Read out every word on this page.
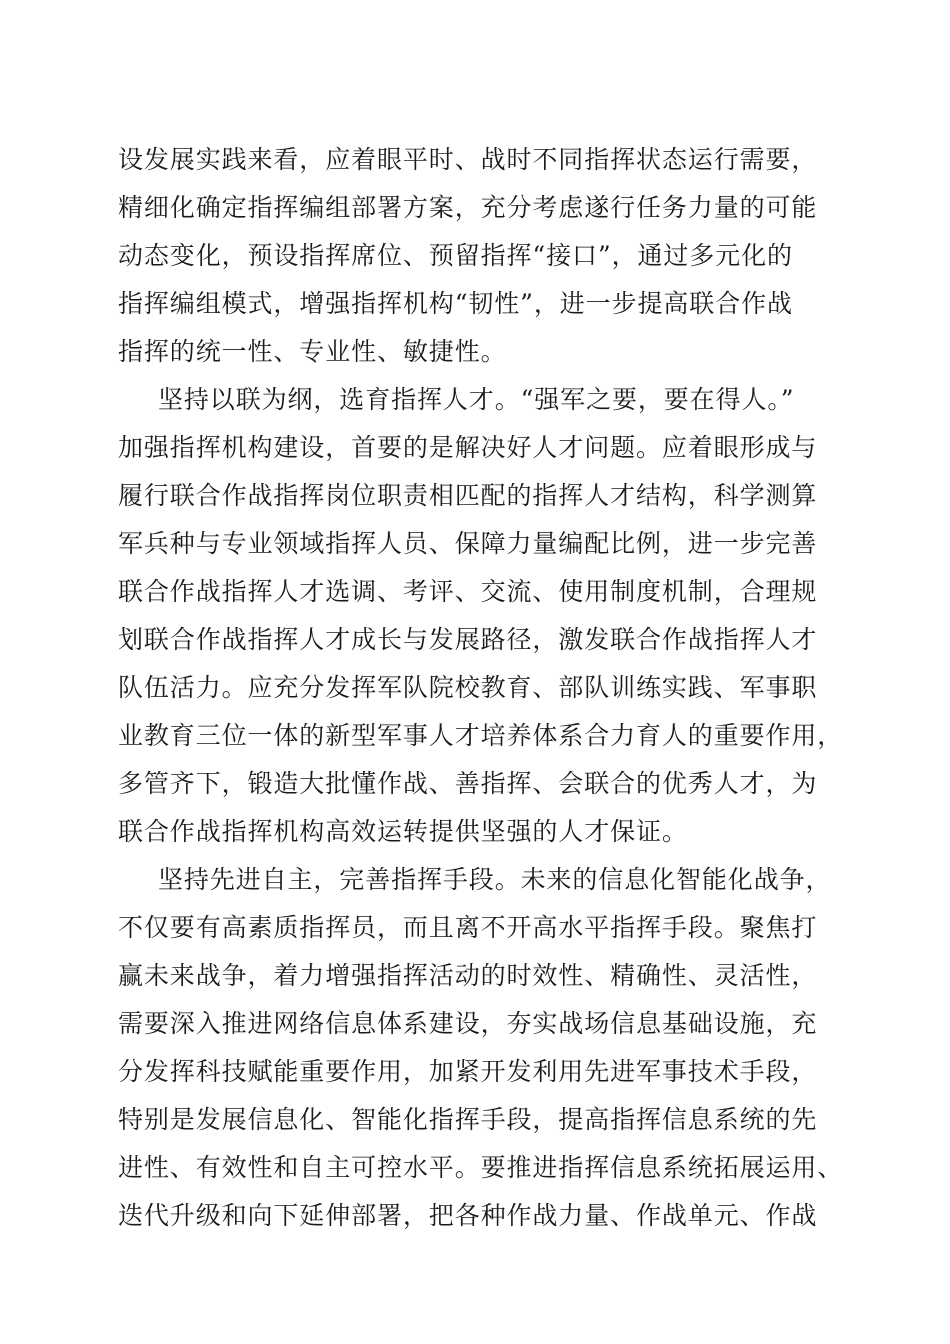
设发展实践来看，应着眼平时、战时不同指挥状态运行需要，
精细化确定指挥编组部署方案，充分考虑遂行任务力量的可能
动态变化，预设指挥席位、预留指挥“接口”，通过多元化的
指挥编组模式，增强指挥机构“韧性”，进一步提高联合作战
指挥的统一性、专业性、敏捷性。
坚持以联为纲，选育指挥人才。“强军之要，要在得人。”
加强指挥机构建设，首要的是解决好人才问题。应着眼形成与
履行联合作战指挥岗位职责相匹配的指挥人才结构，科学测算
军兵种与专业领域指挥人员、保障力量编配比例，进一步完善
联合作战指挥人才选调、考评、交流、使用制度机制，合理规
划联合作战指挥人才成长与发展路径，激发联合作战指挥人才
队伍活力。应充分发挥军队院校教育、部队训练实践、军事职
业教育三位一体的新型军事人才培养体系合力育人的重要作用，
多管齐下，锻造大批懂作战、善指挥、会联合的优秀人才，为
联合作战指挥机构高效运转提供坚强的人才保证。
坚持先进自主，完善指挥手段。未来的信息化智能化战争，
不仅要有高素质指挥员，而且离不开高水平指挥手段。聚焦打
赢未来战争，着力增强指挥活动的时效性、精确性、灵活性，
需要深入推进网络信息体系建设，夯实战场信息基础设施，充
分发挥科技赋能重要作用，加紧开发利用先进军事技术手段，
特别是发展信息化、智能化指挥手段，提高指挥信息系统的先
进性、有效性和自主可控水平。要推进指挥信息系统拓展运用、
迭代升级和向下延伸部署，把各种作战力量、作战单元、作战
